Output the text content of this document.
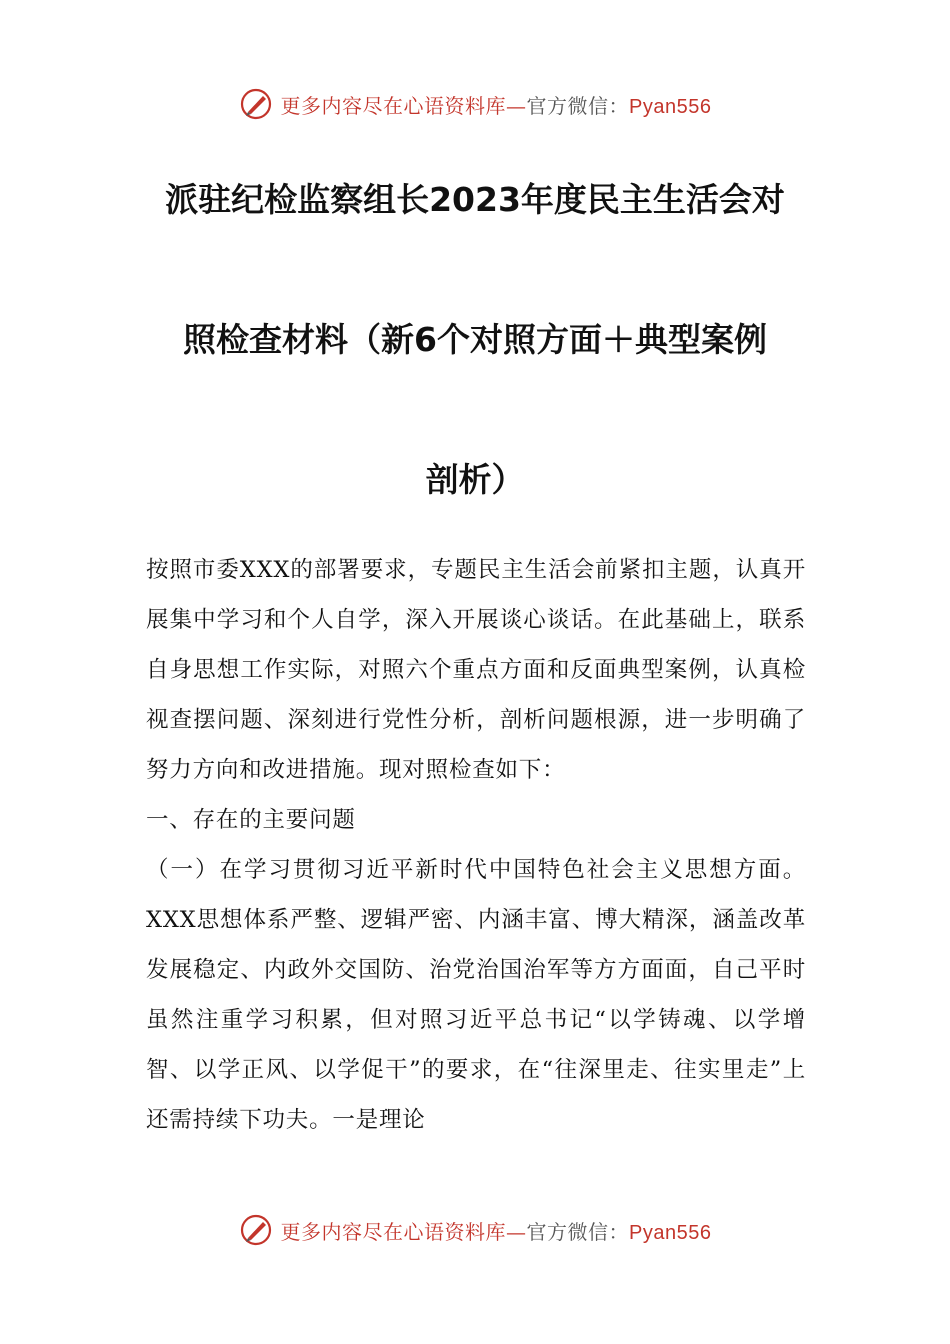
更多内容尽在心语资料库—官方微信：Pyan556
派驻纪检监察组长2023年度民主生活会对
照检查材料（新6个对照方面＋典型案例
剖析）

按照市委XXX的部署要求，专题民主生活会前紧扣主题，认真开展集中学习和个人自学，深入开展谈心谈话。在此基础上，联系自身思想工作实际，对照六个重点方面和反面典型案例，认真检视查摆问题、深刻进行党性分析，剖析问题根源，进一步明确了努力方向和改进措施。现对照检查如下：

一、存在的主要问题

（一）在学习贯彻习近平新时代中国特色社会主义思想方面。XXX思想体系严整、逻辑严密、内涵丰富、博大精深，涵盖改革发展稳定、内政外交国防、治党治国治军等方方面面，自己平时虽然注重学习积累，但对照习近平总书记“以学铸魂、以学增智、以学正风、以学促干”的要求，在“往深里走、往实里走”上还需持续下功夫。一是理论

更多内容尽在心语资料库—官方微信：Pyan556
